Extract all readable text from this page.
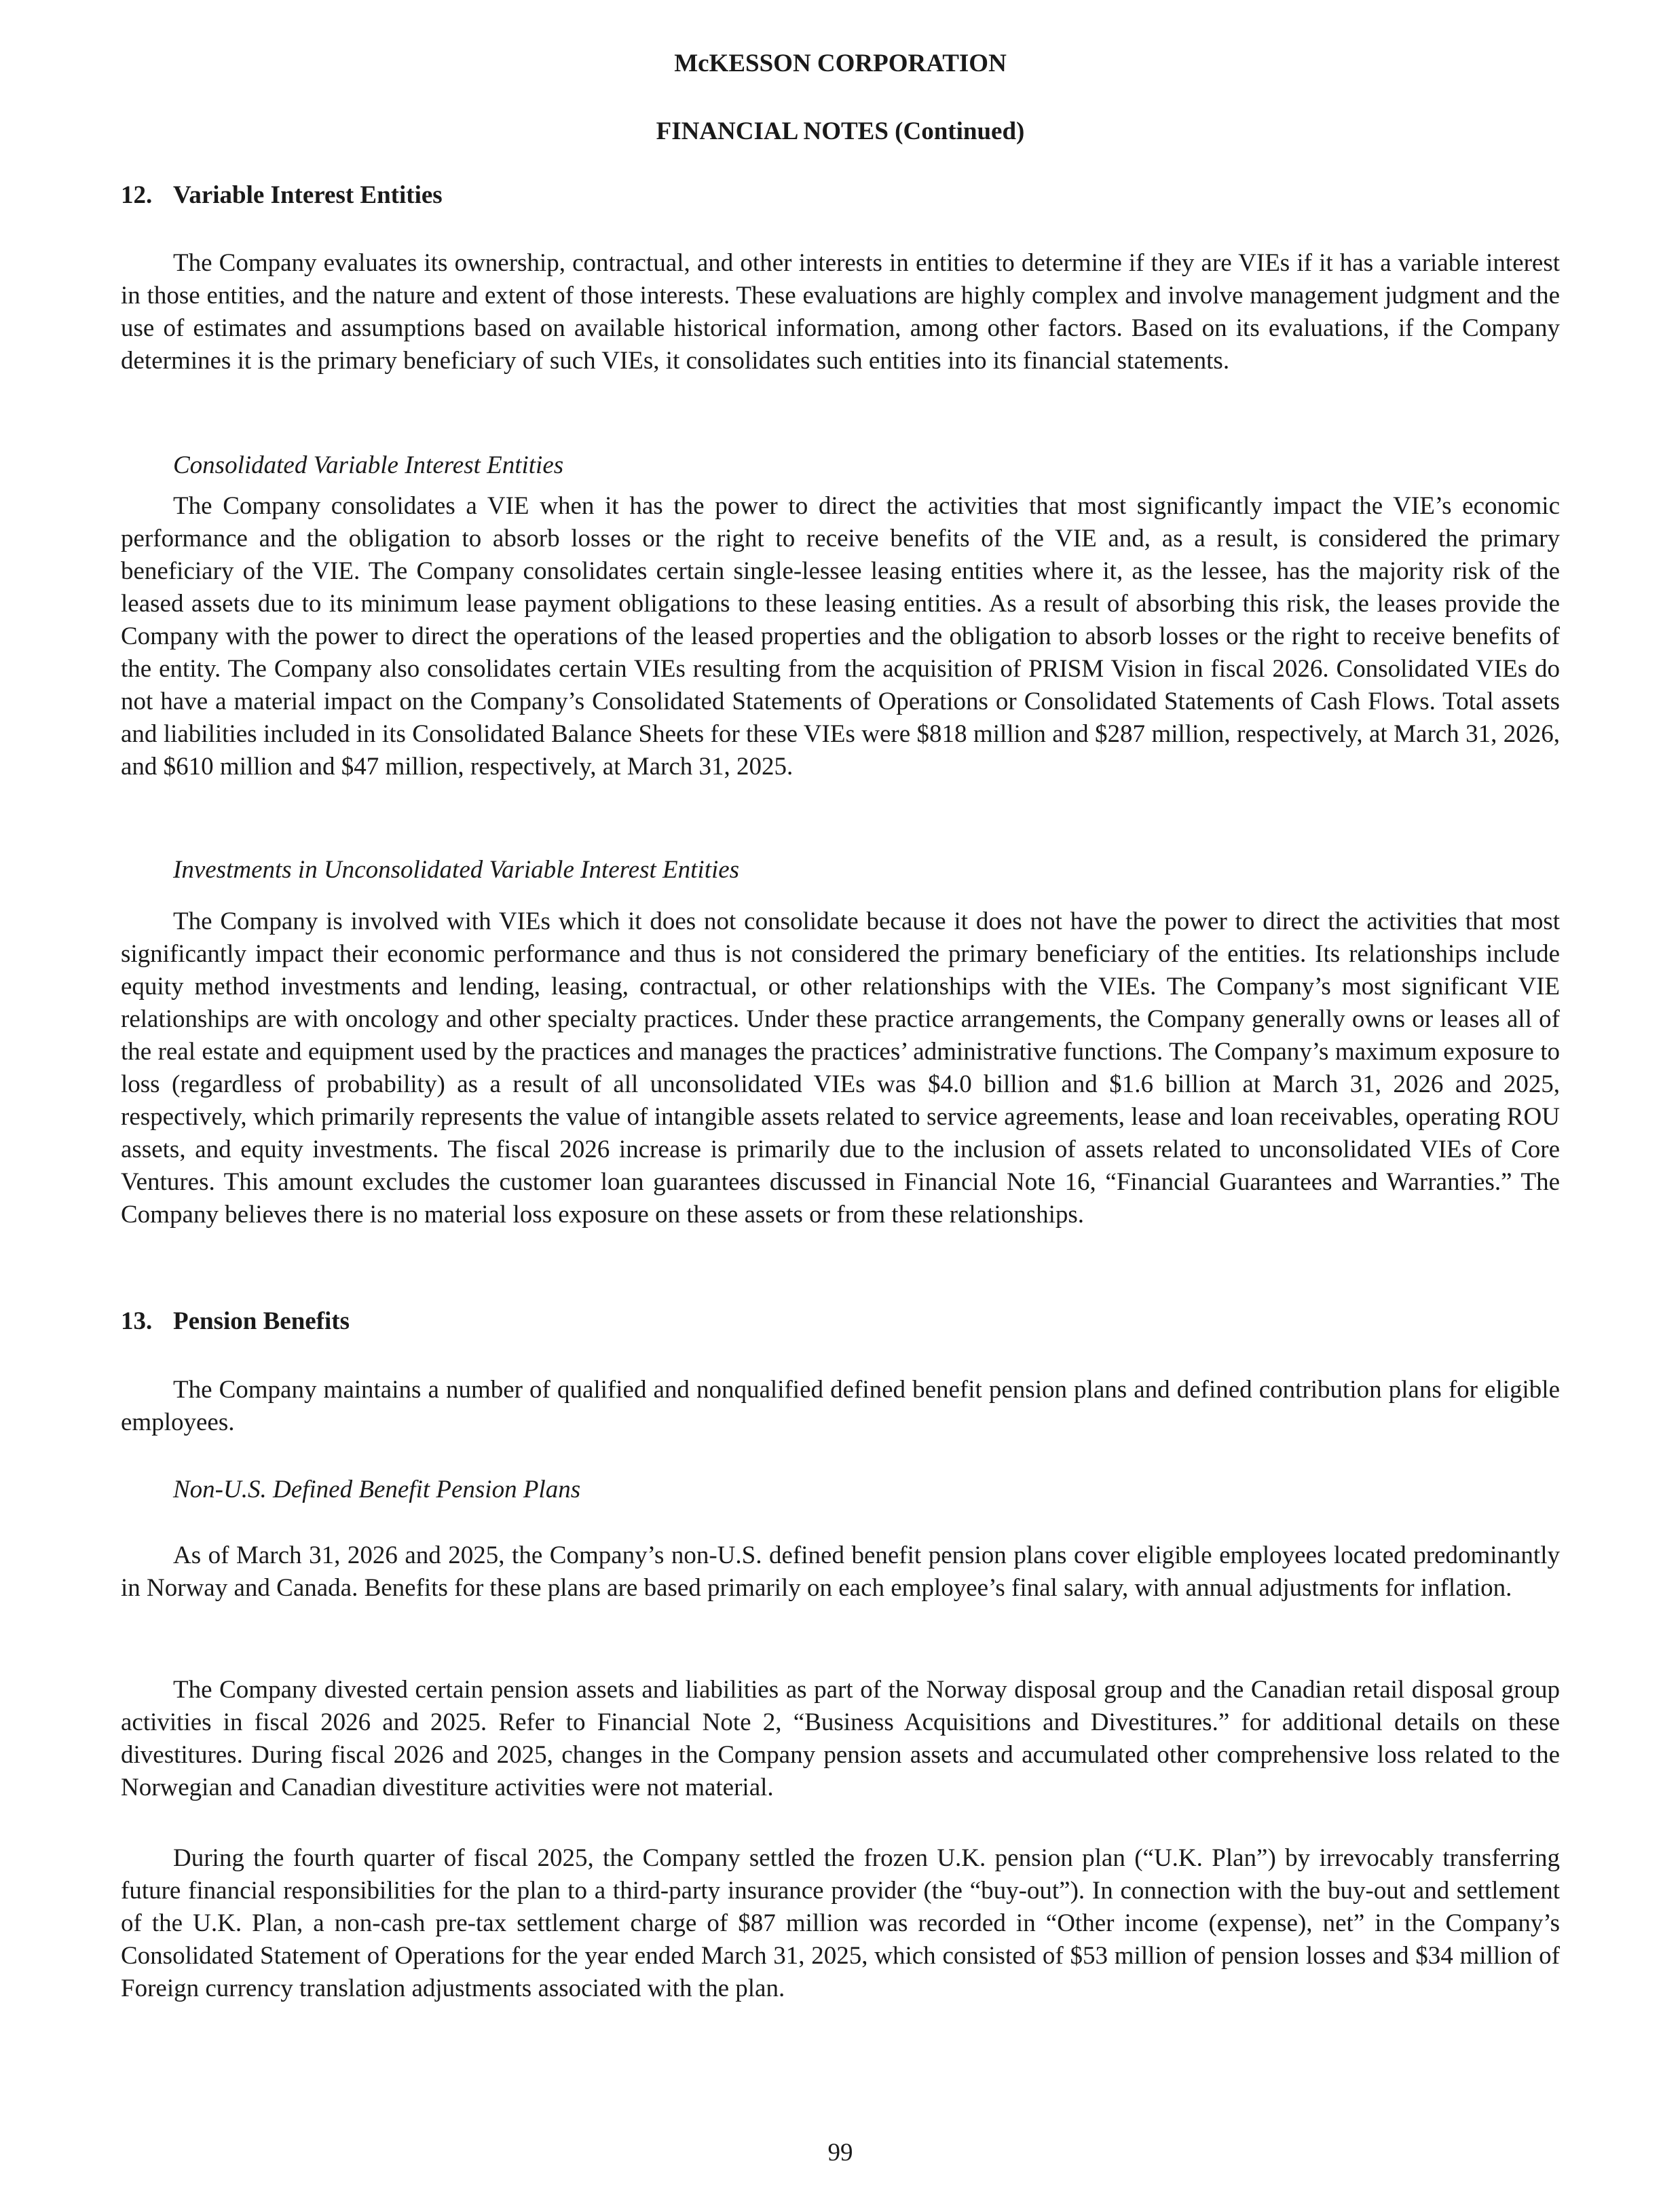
McKESSON CORPORATION
FINANCIAL NOTES (Continued)
12. Variable Interest Entities

The Company evaluates its ownership, contractual, and other interests in entities to determine if they are VIEs if it has a variable interest in those entities, and the nature and extent of those interests. These evaluations are highly complex and involve management judgment and the use of estimates and assumptions based on available historical information, among other factors. Based on its evaluations, if the Company determines it is the primary beneficiary of such VIEs, it consolidates such entities into its financial statements.

Consolidated Variable Interest Entities

The Company consolidates a VIE when it has the power to direct the activities that most significantly impact the VIE’s economic performance and the obligation to absorb losses or the right to receive benefits of the VIE and, as a result, is considered the primary beneficiary of the VIE. The Company consolidates certain single-lessee leasing entities where it, as the lessee, has the majority risk of the leased assets due to its minimum lease payment obligations to these leasing entities. As a result of absorbing this risk, the leases provide the Company with the power to direct the operations of the leased properties and the obligation to absorb losses or the right to receive benefits of the entity. The Company also consolidates certain VIEs resulting from the acquisition of PRISM Vision in fiscal 2026. Consolidated VIEs do not have a material impact on the Company’s Consolidated Statements of Operations or Consolidated Statements of Cash Flows. Total assets and liabilities included in its Consolidated Balance Sheets for these VIEs were $818 million and $287 million, respectively, at March 31, 2026, and $610 million and $47 million, respectively, at March 31, 2025.

Investments in Unconsolidated Variable Interest Entities

The Company is involved with VIEs which it does not consolidate because it does not have the power to direct the activities that most significantly impact their economic performance and thus is not considered the primary beneficiary of the entities. Its relationships include equity method investments and lending, leasing, contractual, or other relationships with the VIEs. The Company’s most significant VIE relationships are with oncology and other specialty practices. Under these practice arrangements, the Company generally owns or leases all of the real estate and equipment used by the practices and manages the practices’ administrative functions. The Company’s maximum exposure to loss (regardless of probability) as a result of all unconsolidated VIEs was $4.0 billion and $1.6 billion at March 31, 2026 and 2025, respectively, which primarily represents the value of intangible assets related to service agreements, lease and loan receivables, operating ROU assets, and equity investments. The fiscal 2026 increase is primarily due to the inclusion of assets related to unconsolidated VIEs of Core Ventures. This amount excludes the customer loan guarantees discussed in Financial Note 16, “Financial Guarantees and Warranties.” The Company believes there is no material loss exposure on these assets or from these relationships.

13. Pension Benefits

The Company maintains a number of qualified and nonqualified defined benefit pension plans and defined contribution plans for eligible employees.

Non-U.S. Defined Benefit Pension Plans

As of March 31, 2026 and 2025, the Company’s non-U.S. defined benefit pension plans cover eligible employees located predominantly in Norway and Canada. Benefits for these plans are based primarily on each employee’s final salary, with annual adjustments for inflation.

The Company divested certain pension assets and liabilities as part of the Norway disposal group and the Canadian retail disposal group activities in fiscal 2026 and 2025. Refer to Financial Note 2, “Business Acquisitions and Divestitures.” for additional details on these divestitures. During fiscal 2026 and 2025, changes in the Company pension assets and accumulated other comprehensive loss related to the Norwegian and Canadian divestiture activities were not material.

During the fourth quarter of fiscal 2025, the Company settled the frozen U.K. pension plan (“U.K. Plan”) by irrevocably transferring future financial responsibilities for the plan to a third-party insurance provider (the “buy-out”). In connection with the buy-out and settlement of the U.K. Plan, a non-cash pre-tax settlement charge of $87 million was recorded in “Other income (expense), net” in the Company’s Consolidated Statement of Operations for the year ended March 31, 2025, which consisted of $53 million of pension losses and $34 million of Foreign currency translation adjustments associated with the plan.

99
